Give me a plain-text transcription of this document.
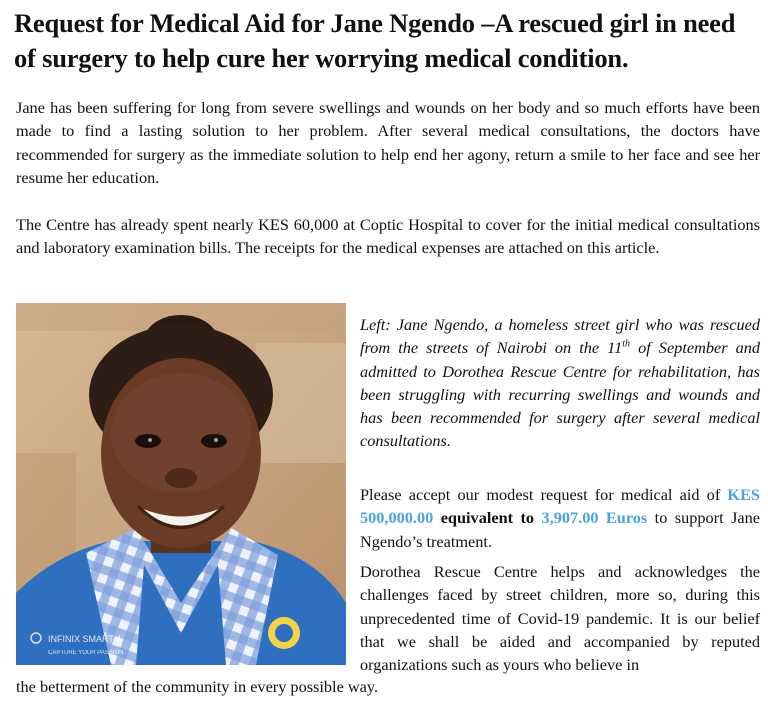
Request for Medical Aid for Jane Ngendo –A rescued girl in need of surgery to help cure her worrying medical condition.

Jane has been suffering for long from severe swellings and wounds on her body and so much efforts have been made to find a lasting solution to her problem. After several medical consultations, the doctors have recommended for surgery as the immediate solution to help end her agony, return a smile to her face and see her resume her education.

The Centre has already spent nearly KES 60,000 at Coptic Hospital to cover for the initial medical consultations and laboratory examination bills. The receipts for the medical expenses are attached on this article.

INFINIX SMART 4
CAPTURE YOUR PASSION

Left: Jane Ngendo, a homeless street girl who was rescued from the streets of Nairobi on the 11th of September and admitted to Dorothea Rescue Centre for rehabilitation, has been struggling with recurring swellings and wounds and has been recommended for surgery after several medical consultations.

Please accept our modest request for medical aid of KES 500,000.00 equivalent to 3,907.00 Euros to support Jane Ngendo’s treatment.

Dorothea Rescue Centre helps and acknowledges the challenges faced by street children, more so, during this unprecedented time of Covid-19 pandemic. It is our belief that we shall be aided and accompanied by reputed organizations such as yours who believe in

the betterment of the community in every possible way.
